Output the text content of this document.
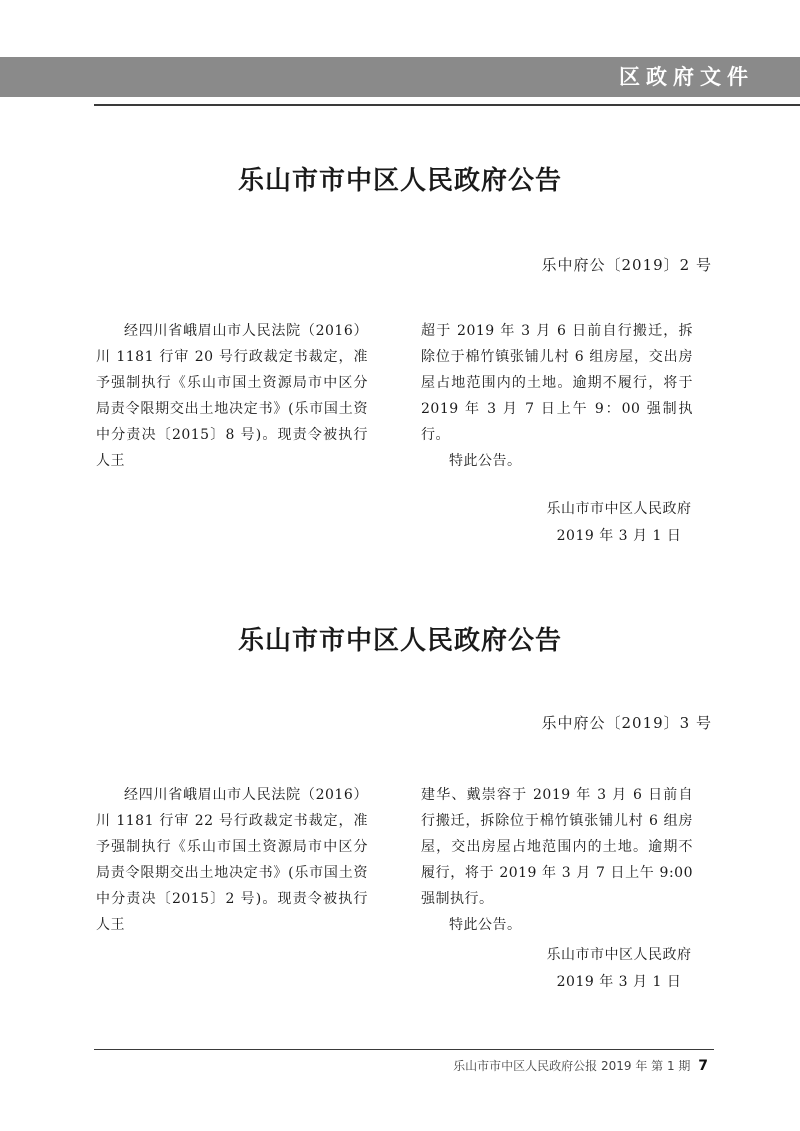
区政府文件
乐山市市中区人民政府公告
乐中府公〔2019〕2 号

经四川省峨眉山市人民法院（2016）川 1181 行审 20 号行政裁定书裁定，准予强制执行《乐山市国土资源局市中区分局责令限期交出土地决定书》(乐市国土资中分责决〔2015〕8 号)。现责令被执行人王

超于 2019 年 3 月 6 日前自行搬迁，拆除位于棉竹镇张铺儿村 6 组房屋，交出房屋占地范围内的土地。逾期不履行，将于 2019 年 3 月 7 日上午 9：00 强制执行。

特此公告。

乐山市市中区人民政府
2019 年 3 月 1 日
乐山市市中区人民政府公告
乐中府公〔2019〕3 号

经四川省峨眉山市人民法院（2016）川 1181 行审 22 号行政裁定书裁定，准予强制执行《乐山市国土资源局市中区分局责令限期交出土地决定书》(乐市国土资中分责决〔2015〕2 号)。现责令被执行人王

建华、戴崇容于 2019 年 3 月 6 日前自行搬迁，拆除位于棉竹镇张铺儿村 6 组房屋，交出房屋占地范围内的土地。逾期不履行，将于 2019 年 3 月 7 日上午 9:00 强制执行。

特此公告。

乐山市市中区人民政府
2019 年 3 月 1 日
乐山市市中区人民政府公报 2019 年 第 1 期 7
